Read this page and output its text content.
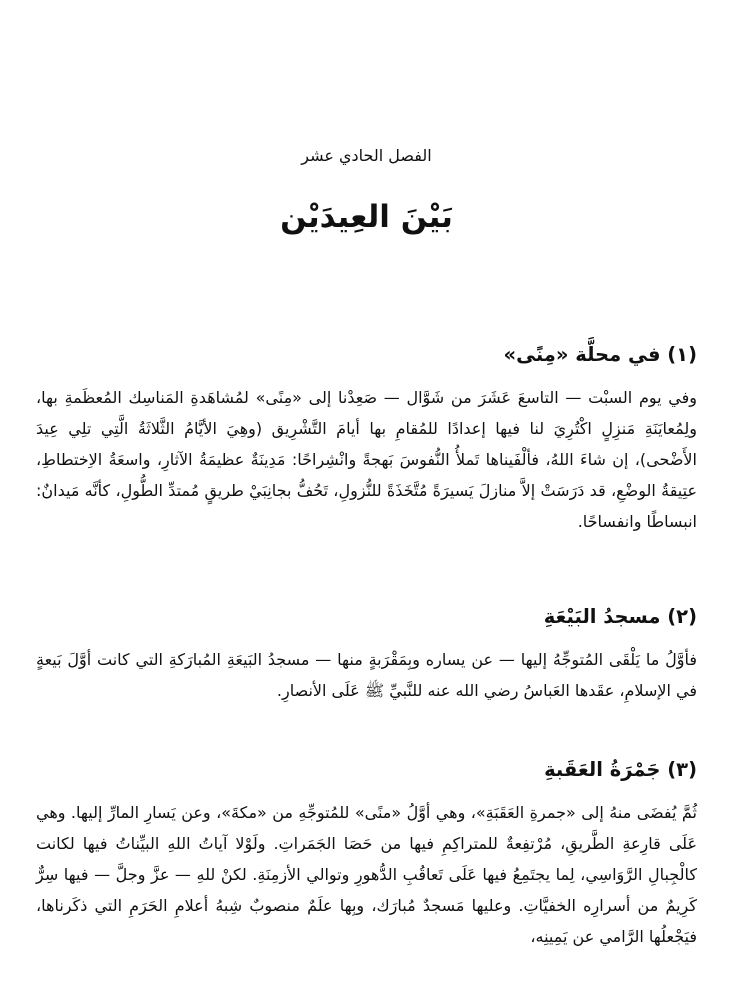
الفصل الحادي عشر
بَيْنَ العِيدَيْن
(١) في محلَّة «مِنًى»

وفي يوم السبْت — التاسعَ عَشَرَ من شَوَّال — صَعِدْنا إلى «مِنًى» لمُشاهَدةِ المَناسِك المُعظَمةِ بها، ولِمُعايَنَةِ مَنزِلٍ اكْتُرِيَ لنا فيها إعدادًا للمُقامِ بها أيامَ التَّشْرِيق (وهِيَ الأيَّامُ الثَّلاثَةُ الَّتِي تلِي عِيدَ الأَضْحى)، إن شاءَ اللهُ، فألْفَيناها تَملأُ النُّفوسَ بَهجةً وانْشِراحًا: مَدِينَةٌ عظيمَةُ الآثارِ، واسعَةُ الاِختطاطِ، عتِيقةُ الوضْعِ، قد دَرَسَتْ إلاَّ منازلَ يَسيرَةً مُتَّخَذَةً للنُّزولِ، تَحُفُّ بجانِبَيْ طريقٍ مُمتدِّ الطُّولِ، كأنَّه مَيدانٌ: انبساطًا وانفساحًا.

(٢) مسجدُ البَيْعَةِ

فأوَّلُ ما يَلْقَى المُتوجِّهُ إليها — عن يساره وبِمَقْرَبةٍ منها — مسجدُ البَيعَةِ المُبارَكةِ التي كانت أوَّلَ بَيعةٍ في الإسلامِ، عقَدها العَباسُ رضي الله عنه للنَّبيِّ ﷺ عَلَى الأنصارِ.

(٣) جَمْرَةُ العَقَبةِ

ثُمَّ يُفضَى منهُ إلى «جمرةِ العَقَبَةِ»، وهي أوَّلُ «منًى» للمُتوجِّهِ من «مكةَ»، وعن يَسارِ المارِّ إليها. وهي عَلَى قارِعةِ الطَّريقِ، مُرْتفِعةٌ للمتراكِمِ فيها من حَصَا الجَمَراتِ. ولَوْلا آياتُ اللهِ البيِّناتُ فيها لكانت كالْجِبالِ الرَّوَاسِي، لِما يجتَمِعُ فيها عَلَى تَعاقُبِ الدُّهورِ وتوالي الأزمِنَةِ. لكنْ للهِ — عزَّ وجلَّ — فيها سِرٌّ كَرِيمٌ من أسرارِه الخفيَّاتِ. وعليها مَسجدٌ مُبارَك، وبِها علَمٌ منصوبٌ شِبهُ أعلامِ الحَرَمِ التي ذكَرناها، فيَجْعلُها الرَّامي عن يَمِينِه،
